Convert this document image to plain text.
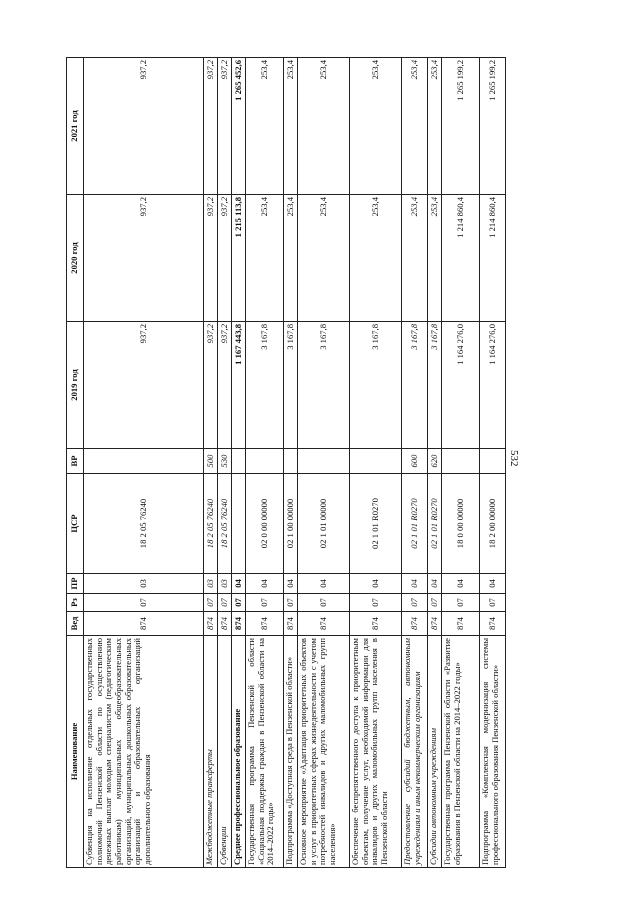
532
Наименование	Вед	Рз	ПР	ЦСР	ВР	2019 год	2020 год	2021 год
Субвенция на исполнение отдельных государственных полномочий Пензенской области по осуществлению денежных выплат молодым специалистам (педагогическим работникам) муниципальных общеобразовательных организаций, муниципальных дошкольных образовательных организаций и образовательных организаций дополнительного образования	874	07	03	18 2 05 76240		937,2	937,2	937,2
Межбюджетные трансферты	874	07	03	18 2 05 76240	500	937,2	937,2	937,2
Субвенции	874	07	03	18 2 05 76240	530	937,2	937,2	937,2
Среднее профессиональное образование	874	07	04			1 167 443,8	1 215 113,8	1 265 452,6
Государственная программа Пензенской области «Социальная поддержка граждан в Пензенской области на 2014–2022 годы»	874	07	04	02 0 00 00000		3 167,8	253,4	253,4
Подпрограмма «Доступная среда в Пензенской области»	874	07	04	02 1 00 00000		3 167,8	253,4	253,4
Основное мероприятие «Адаптация приоритетных объектов и услуг в приоритетных сферах жизнедеятельности с учетом потребностей инвалидов и других маломобильных групп населения»	874	07	04	02 1 01 00000		3 167,8	253,4	253,4
Обеспечение беспрепятственного доступа к приоритетным объектам, получение услуг, необходимой информации для инвалидов и других маломобильных групп населения в Пензенской области	874	07	04	02 1 01 R0270		3 167,8	253,4	253,4
Предоставление субсидий бюджетным, автономным учреждениям и иным некоммерческим организациям	874	07	04	02 1 01 R0270	600	3 167,8	253,4	253,4
Субсидии автономным учреждениям	874	07	04	02 1 01 R0270	620	3 167,8	253,4	253,4
Государственная программа Пензенской области «Развитие образования в Пензенской области на 2014–2022 годы»	874	07	04	18 0 00 00000		1 164 276,0	1 214 860,4	1 265 199,2
Подпрограмма «Комплексная модернизация системы профессионального образования Пензенской области»	874	07	04	18 2 00 00000		1 164 276,0	1 214 860,4	1 265 199,2
